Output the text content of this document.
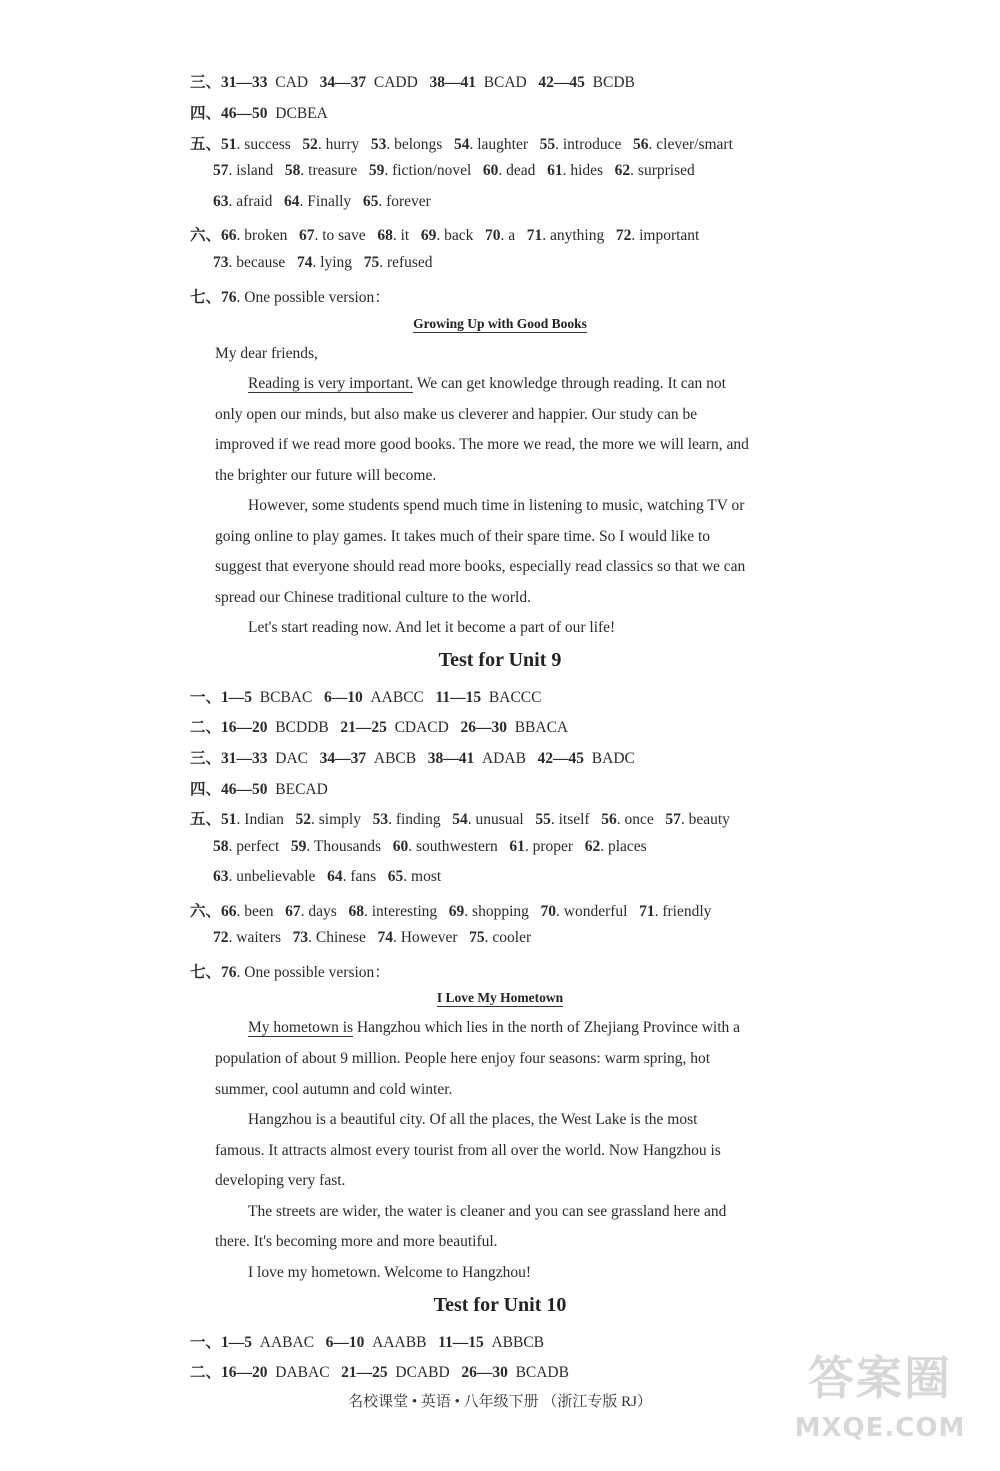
三、31—33 CAD 34—37 CADD 38—41 BCAD 42—45 BCDB
四、46—50 DCBEA
五、51. success 52. hurry 53. belongs 54. laughter 55. introduce 56. clever/smart
57. island 58. treasure 59. fiction/novel 60. dead 61. hides 62. surprised
63. afraid 64. Finally 65. forever
六、66. broken 67. to save 68. it 69. back 70. a 71. anything 72. important
73. because 74. lying 75. refused
七、76. One possible version：
Growing Up with Good Books
My dear friends,
Reading is very important. We can get knowledge through reading. It can not
only open our minds, but also make us cleverer and happier. Our study can be
improved if we read more good books. The more we read, the more we will learn, and
the brighter our future will become.
However, some students spend much time in listening to music, watching TV or
going online to play games. It takes much of their spare time. So I would like to
suggest that everyone should read more books, especially read classics so that we can
spread our Chinese traditional culture to the world.
Let's start reading now. And let it become a part of our life!
Test for Unit 9
一、1—5 BCBAC 6—10 AABCC 11—15 BACCC
二、16—20 BCDDB 21—25 CDACD 26—30 BBACA
三、31—33 DAC 34—37 ABCB 38—41 ADAB 42—45 BADC
四、46—50 BECAD
五、51. Indian 52. simply 53. finding 54. unusual 55. itself 56. once 57. beauty
58. perfect 59. Thousands 60. southwestern 61. proper 62. places
63. unbelievable 64. fans 65. most
六、66. been 67. days 68. interesting 69. shopping 70. wonderful 71. friendly
72. waiters 73. Chinese 74. However 75. cooler
七、76. One possible version：
I Love My Hometown
My hometown is Hangzhou which lies in the north of Zhejiang Province with a
population of about 9 million. People here enjoy four seasons: warm spring, hot
summer, cool autumn and cold winter.
Hangzhou is a beautiful city. Of all the places, the West Lake is the most
famous. It attracts almost every tourist from all over the world. Now Hangzhou is
developing very fast.
The streets are wider, the water is cleaner and you can see grassland here and
there. It's becoming more and more beautiful.
I love my hometown. Welcome to Hangzhou!
Test for Unit 10
一、1—5 AABAC 6—10 AAABB 11—15 ABBCB
二、16—20 DABAC 21—25 DCABD 26—30 BCADB
名校课堂 • 英语 • 八年级下册 （浙江专版 RJ）	答案圈
MXQE.COM
